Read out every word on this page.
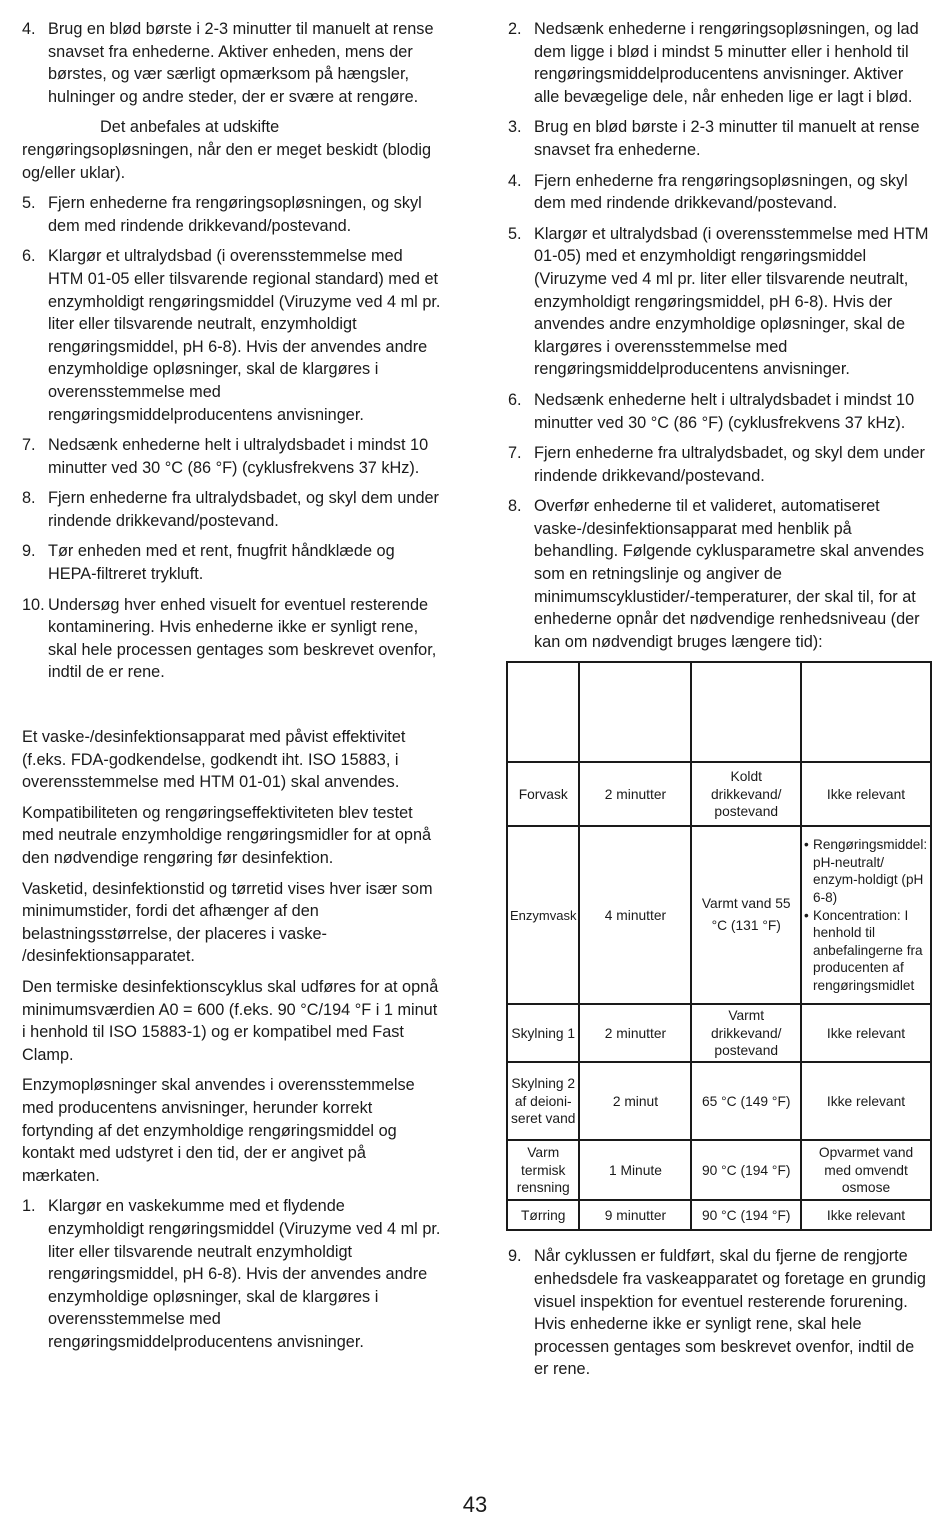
4. Brug en blød børste i 2-3 minutter til manuelt at rense snavset fra enhederne. Aktiver enheden, mens der børstes, og vær særligt opmærksom på hængsler, hulninger og andre steder, der er svære at rengøre.
Det anbefales at udskifte rengøringsopløsningen, når den er meget beskidt (blodig og/eller uklar).
5. Fjern enhederne fra rengøringsopløsningen, og skyl dem med rindende drikkevand/postevand.
6. Klargør et ultralydsbad (i overensstemmelse med HTM 01-05 eller tilsvarende regional standard) med et enzymholdigt rengøringsmiddel (Viruzyme ved 4 ml pr. liter eller tilsvarende neutralt, enzymholdigt rengøringsmiddel, pH 6-8). Hvis der anvendes andre enzymholdige opløsninger, skal de klargøres i overensstemmelse med rengøringsmiddelproducentens anvisninger.
7. Nedsænk enhederne helt i ultralydsbadet i mindst 10 minutter ved 30 °C (86 °F) (cyklusfrekvens 37 kHz).
8. Fjern enhederne fra ultralydsbadet, og skyl dem under rindende drikkevand/postevand.
9. Tør enheden med et rent, fnugfrit håndklæde og HEPA-filtreret trykluft.
10. Undersøg hver enhed visuelt for eventuel resterende kontaminering. Hvis enhederne ikke er synligt rene, skal hele processen gentages som beskrevet ovenfor, indtil de er rene.
Et vaske-/desinfektionsapparat med påvist effektivitet (f.eks. FDA-godkendelse, godkendt iht. ISO 15883, i overensstemmelse med HTM 01-01) skal anvendes.
Kompatibiliteten og rengøringseffektiviteten blev testet med neutrale enzymholdige rengøringsmidler for at opnå den nødvendige rengøring før desinfektion.
Vasketid, desinfektionstid og tørretid vises hver især som minimumstider, fordi det afhænger af den belastningsstørrelse, der placeres i vaske- /desinfektionsapparatet.
Den termiske desinfektionscyklus skal udføres for at opnå minimumsværdien A0 = 600 (f.eks. 90 °C/194 °F i 1 minut i henhold til ISO 15883-1) og er kompatibel med Fast Clamp.
Enzymopløsninger skal anvendes i overensstemmelse med producentens anvisninger, herunder korrekt fortynding af det enzymholdige rengøringsmiddel og kontakt med udstyret i den tid, der er angivet på mærkaten.
1. Klargør en vaskekumme med et flydende enzymholdigt rengøringsmiddel (Viruzyme ved 4 ml pr. liter eller tilsvarende neutralt enzymholdigt rengøringsmiddel, pH 6-8). Hvis der anvendes andre enzymholdige opløsninger, skal de klargøres i overensstemmelse med rengøringsmiddelproducentens anvisninger.
2. Nedsænk enhederne i rengøringsopløsningen, og lad dem ligge i blød i mindst 5 minutter eller i henhold til rengøringsmiddelproducentens anvisninger. Aktiver alle bevægelige dele, når enheden lige er lagt i blød.
3. Brug en blød børste i 2-3 minutter til manuelt at rense snavset fra enhederne.
4. Fjern enhederne fra rengøringsopløsningen, og skyl dem med rindende drikkevand/postevand.
5. Klargør et ultralydsbad (i overensstemmelse med HTM 01-05) med et enzymholdigt rengøringsmiddel (Viruzyme ved 4 ml pr. liter eller tilsvarende neutralt, enzymholdigt rengøringsmiddel, pH 6-8). Hvis der anvendes andre enzymholdige opløsninger, skal de klargøres i overensstemmelse med rengøringsmiddelproducentens anvisninger.
6. Nedsænk enhederne helt i ultralydsbadet i mindst 10 minutter ved 30 °C (86 °F) (cyklusfrekvens 37 kHz).
7. Fjern enhederne fra ultralydsbadet, og skyl dem under rindende drikkevand/postevand.
8. Overfør enhederne til et valideret, automatiseret vaske-/desinfektionsapparat med henblik på behandling. Følgende cyklusparametre skal anvendes som en retningslinje og angiver de minimumscyklustider/-temperaturer, der skal til, for at enhederne opnår det nødvendige renhedsniveau (der kan om nødvendigt bruges længere tid):

Forvask	2 minutter	Koldt drikkevand/ postevand	Ikke relevant
Enzymvask	4 minutter	Varmt vand 55 °C (131 °F)	• Rengøringsmiddel: pH-neutralt/ enzym-holdigt (pH 6-8)
• Koncentration: I henhold til anbefalingerne fra producenten af rengøringsmidlet

Skylning 1	2 minutter	Varmt drikkevand/ postevand	Ikke relevant
Skylning 2 af deioni- seret vand	2 minut	65 °C (149 °F)	Ikke relevant
Varm termisk rensning	1 Minute	90 °C (194 °F)	Opvarmet vand med omvendt osmose
Tørring	9 minutter	90 °C (194 °F)	Ikke relevant
9. Når cyklussen er fuldført, skal du fjerne de rengjorte enhedsdele fra vaskeapparatet og foretage en grundig visuel inspektion for eventuel resterende forurening. Hvis enhederne ikke er synligt rene, skal hele processen gentages som beskrevet ovenfor, indtil de er rene.
43
